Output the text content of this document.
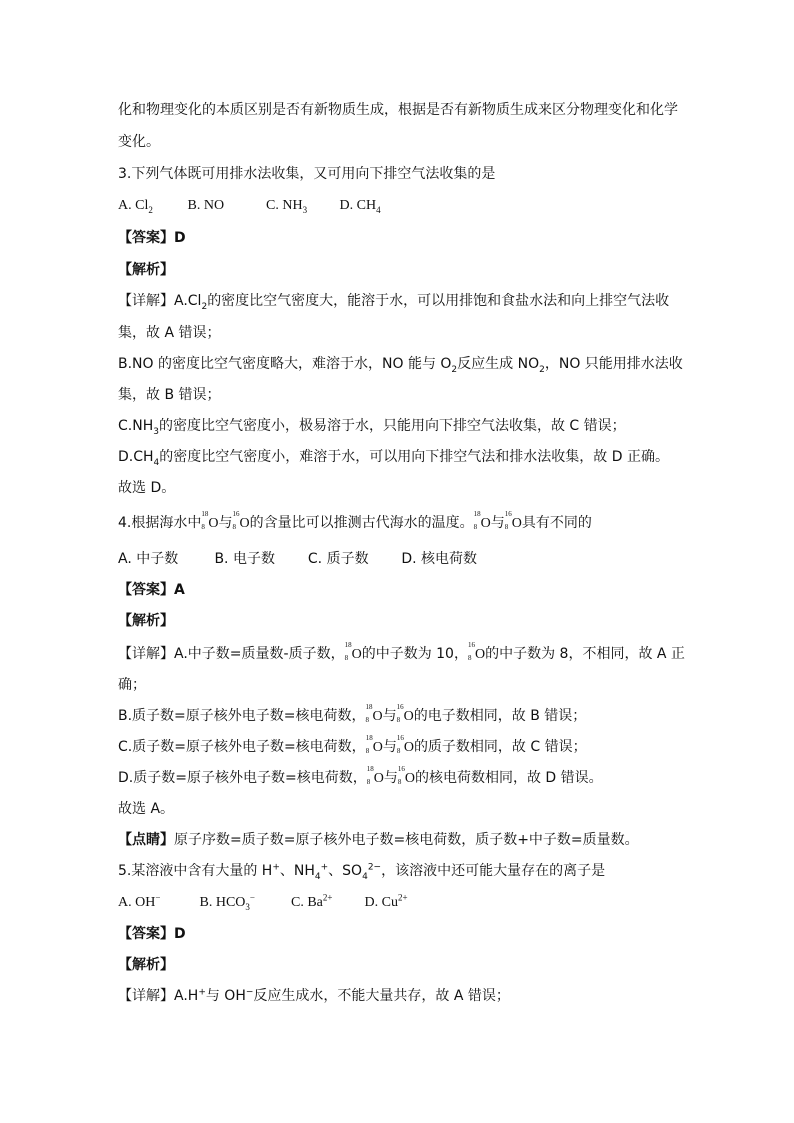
化和物理变化的本质区别是否有新物质生成，根据是否有新物质生成来区分物理变化和化学
变化。
3.下列气体既可用排水法收集，又可用向下排空气法收集的是
A. $Cl_2$ B. NO	C. $NH_3$ D. $CH_4$
【答案】D
【解析】
【详解】$A.Cl_2$的密度比空气密度大，能溶于水，可以用排饱和食盐水法和向上排空气法收
集，故 A 错误；
B.NO 的密度比空气密度略大，难溶于水，NO 能与 $O_2$反应生成 $NO_2$，NO 只能用排水法收
集，故 B 错误；
$C.NH_3$的密度比空气密度小，极易溶于水，只能用向下排空气法收集，故 C 错误；
$D.CH_4$的密度比空气密度小，难溶于水，可以用向下排空气法和排水法收集，故 D 正确。
故选 D。
4.根据海水中
18
8 O与
16
8 O的含量比可以推测古代海水的温度。
18
8 O与
16
8 O具有不同的
A. 中子数	B. 电子数 C. 质子数 D. 核电荷数
【答案】A
【解析】
【详解】A.中子数=质量数-质子数，
18
8 O的中子数为 10，
16
8 O的中子数为 8，不相同，故 A 正
确；
B.质子数=原子核外电子数=核电荷数，
18
8 O与
16
8 O的电子数相同，故 B 错误；
C.质子数=原子核外电子数=核电荷数，
18
8 O与
16
8 O的质子数相同，故 C 错误；
D.质子数=原子核外电子数=核电荷数，
18
8 O与
16
8 O的核电荷数相同，故 D 错误。
故选 A。
【点睛】原子序数=质子数=原子核外电子数=核电荷数，质子数+中子数=质量数。
5.某溶液中含有大量的 H+、$NH_4^+$、$SO_4^{2-}$，该溶液中还可能大量存在的离子是
A. OH−	B. $HCO_3^-$	C. $Ba^{2+}$ D. $Cu^{2+}$
【答案】D
【解析】
【详解】A.H+与 OH−反应生成水，不能大量共存，故 A 错误；
